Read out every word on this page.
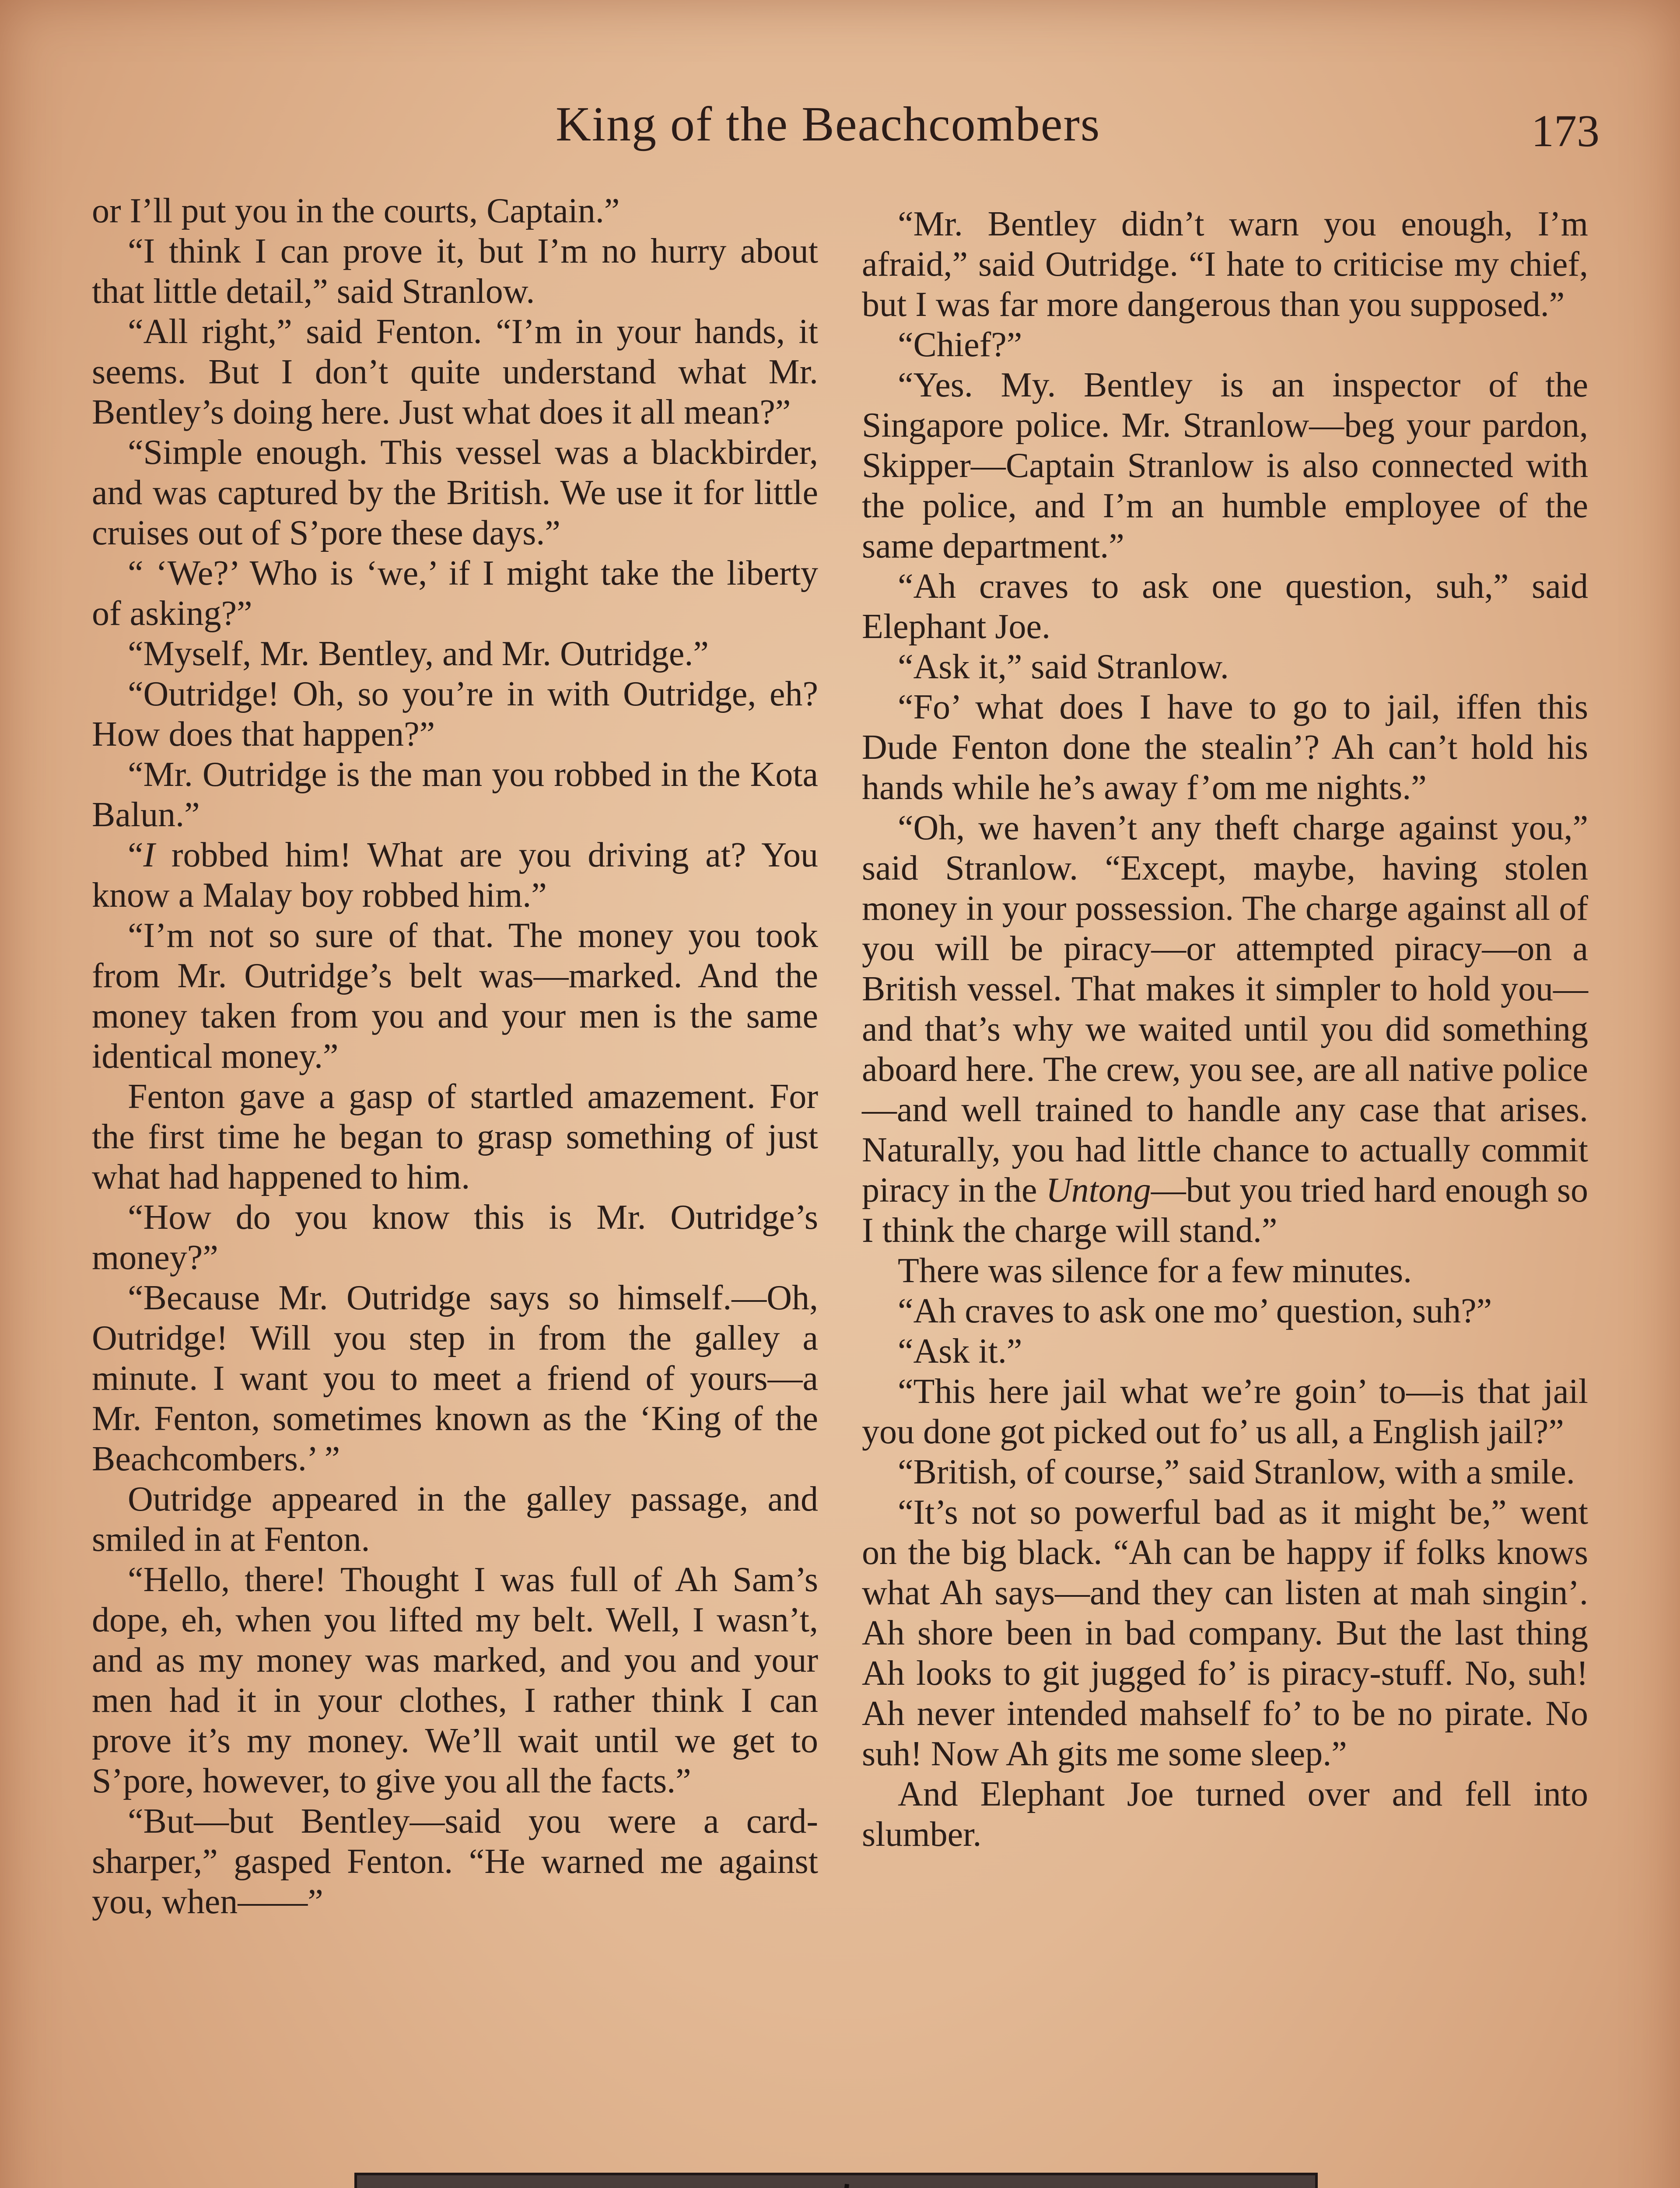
King of the Beachcombers	173

or I’ll put you in the courts, Captain.”

“I think I can prove it, but I’m no hurry about that little detail,” said Stranlow.

“All right,” said Fenton. “I’m in your hands, it seems. But I don’t quite understand what Mr. Bentley’s doing here. Just what does it all mean?”

“Simple enough. This vessel was a blackbirder, and was captured by the British. We use it for little cruises out of S’pore these days.”

“ ‘We?’ Who is ‘we,’ if I might take the liberty of asking?”

“Myself, Mr. Bentley, and Mr. Outridge.”

“Outridge! Oh, so you’re in with Outridge, eh? How does that happen?”

“Mr. Outridge is the man you robbed in the Kota Balun.”

“I robbed him! What are you driving at? You know a Malay boy robbed him.”

“I’m not so sure of that. The money you took from Mr. Outridge’s belt was—marked. And the money taken from you and your men is the same identical money.”

Fenton gave a gasp of startled amazement. For the first time he began to grasp something of just what had happened to him.

“How do you know this is Mr. Outridge’s money?”

“Because Mr. Outridge says so himself.—Oh, Outridge! Will you step in from the galley a minute. I want you to meet a friend of yours—a Mr. Fenton, sometimes known as the ‘King of the Beachcombers.’ ”

Outridge appeared in the galley passage, and smiled in at Fenton.

“Hello, there! Thought I was full of Ah Sam’s dope, eh, when you lifted my belt. Well, I wasn’t, and as my money was marked, and you and your men had it in your clothes, I rather think I can prove it’s my money. We’ll wait until we get to S’pore, however, to give you all the facts.”

“But—but Bentley—said you were a card-sharper,” gasped Fenton. “He warned me against you, when——”

“Mr. Bentley didn’t warn you enough, I’m afraid,” said Outridge. “I hate to criticise my chief, but I was far more dangerous than you supposed.”

“Chief?”

“Yes. My. Bentley is an inspector of the Singapore police. Mr. Stranlow—beg your pardon, Skipper—Captain Stranlow is also connected with the police, and I’m an humble employee of the same department.”

“Ah craves to ask one question, suh,” said Elephant Joe.

“Ask it,” said Stranlow.

“Fo’ what does I have to go to jail, iffen this Dude Fenton done the stealin’? Ah can’t hold his hands while he’s away f’om me nights.”

“Oh, we haven’t any theft charge against you,” said Stranlow. “Except, maybe, having stolen money in your possession. The charge against all of you will be piracy—or attempted piracy—on a British vessel. That makes it simpler to hold you—and that’s why we waited until you did something aboard here. The crew, you see, are all native police—and well trained to handle any case that arises. Naturally, you had little chance to actually commit piracy in the Untong—but you tried hard enough so I think the charge will stand.”

There was silence for a few minutes.

“Ah craves to ask one mo’ question, suh?”

“Ask it.”

“This here jail what we’re goin’ to—is that jail you done got picked out fo’ us all, a English jail?”

“British, of course,” said Stranlow, with a smile.

“It’s not so powerful bad as it might be,” went on the big black. “Ah can be happy if folks knows what Ah says—and they can listen at mah singin’. Ah shore been in bad company. But the last thing Ah looks to git jugged fo’ is piracy-stuff. No, suh! Ah never intended mahself fo’ to be no pirate. No suh! Now Ah gits me some sleep.”

And Elephant Joe turned over and fell into slumber.
